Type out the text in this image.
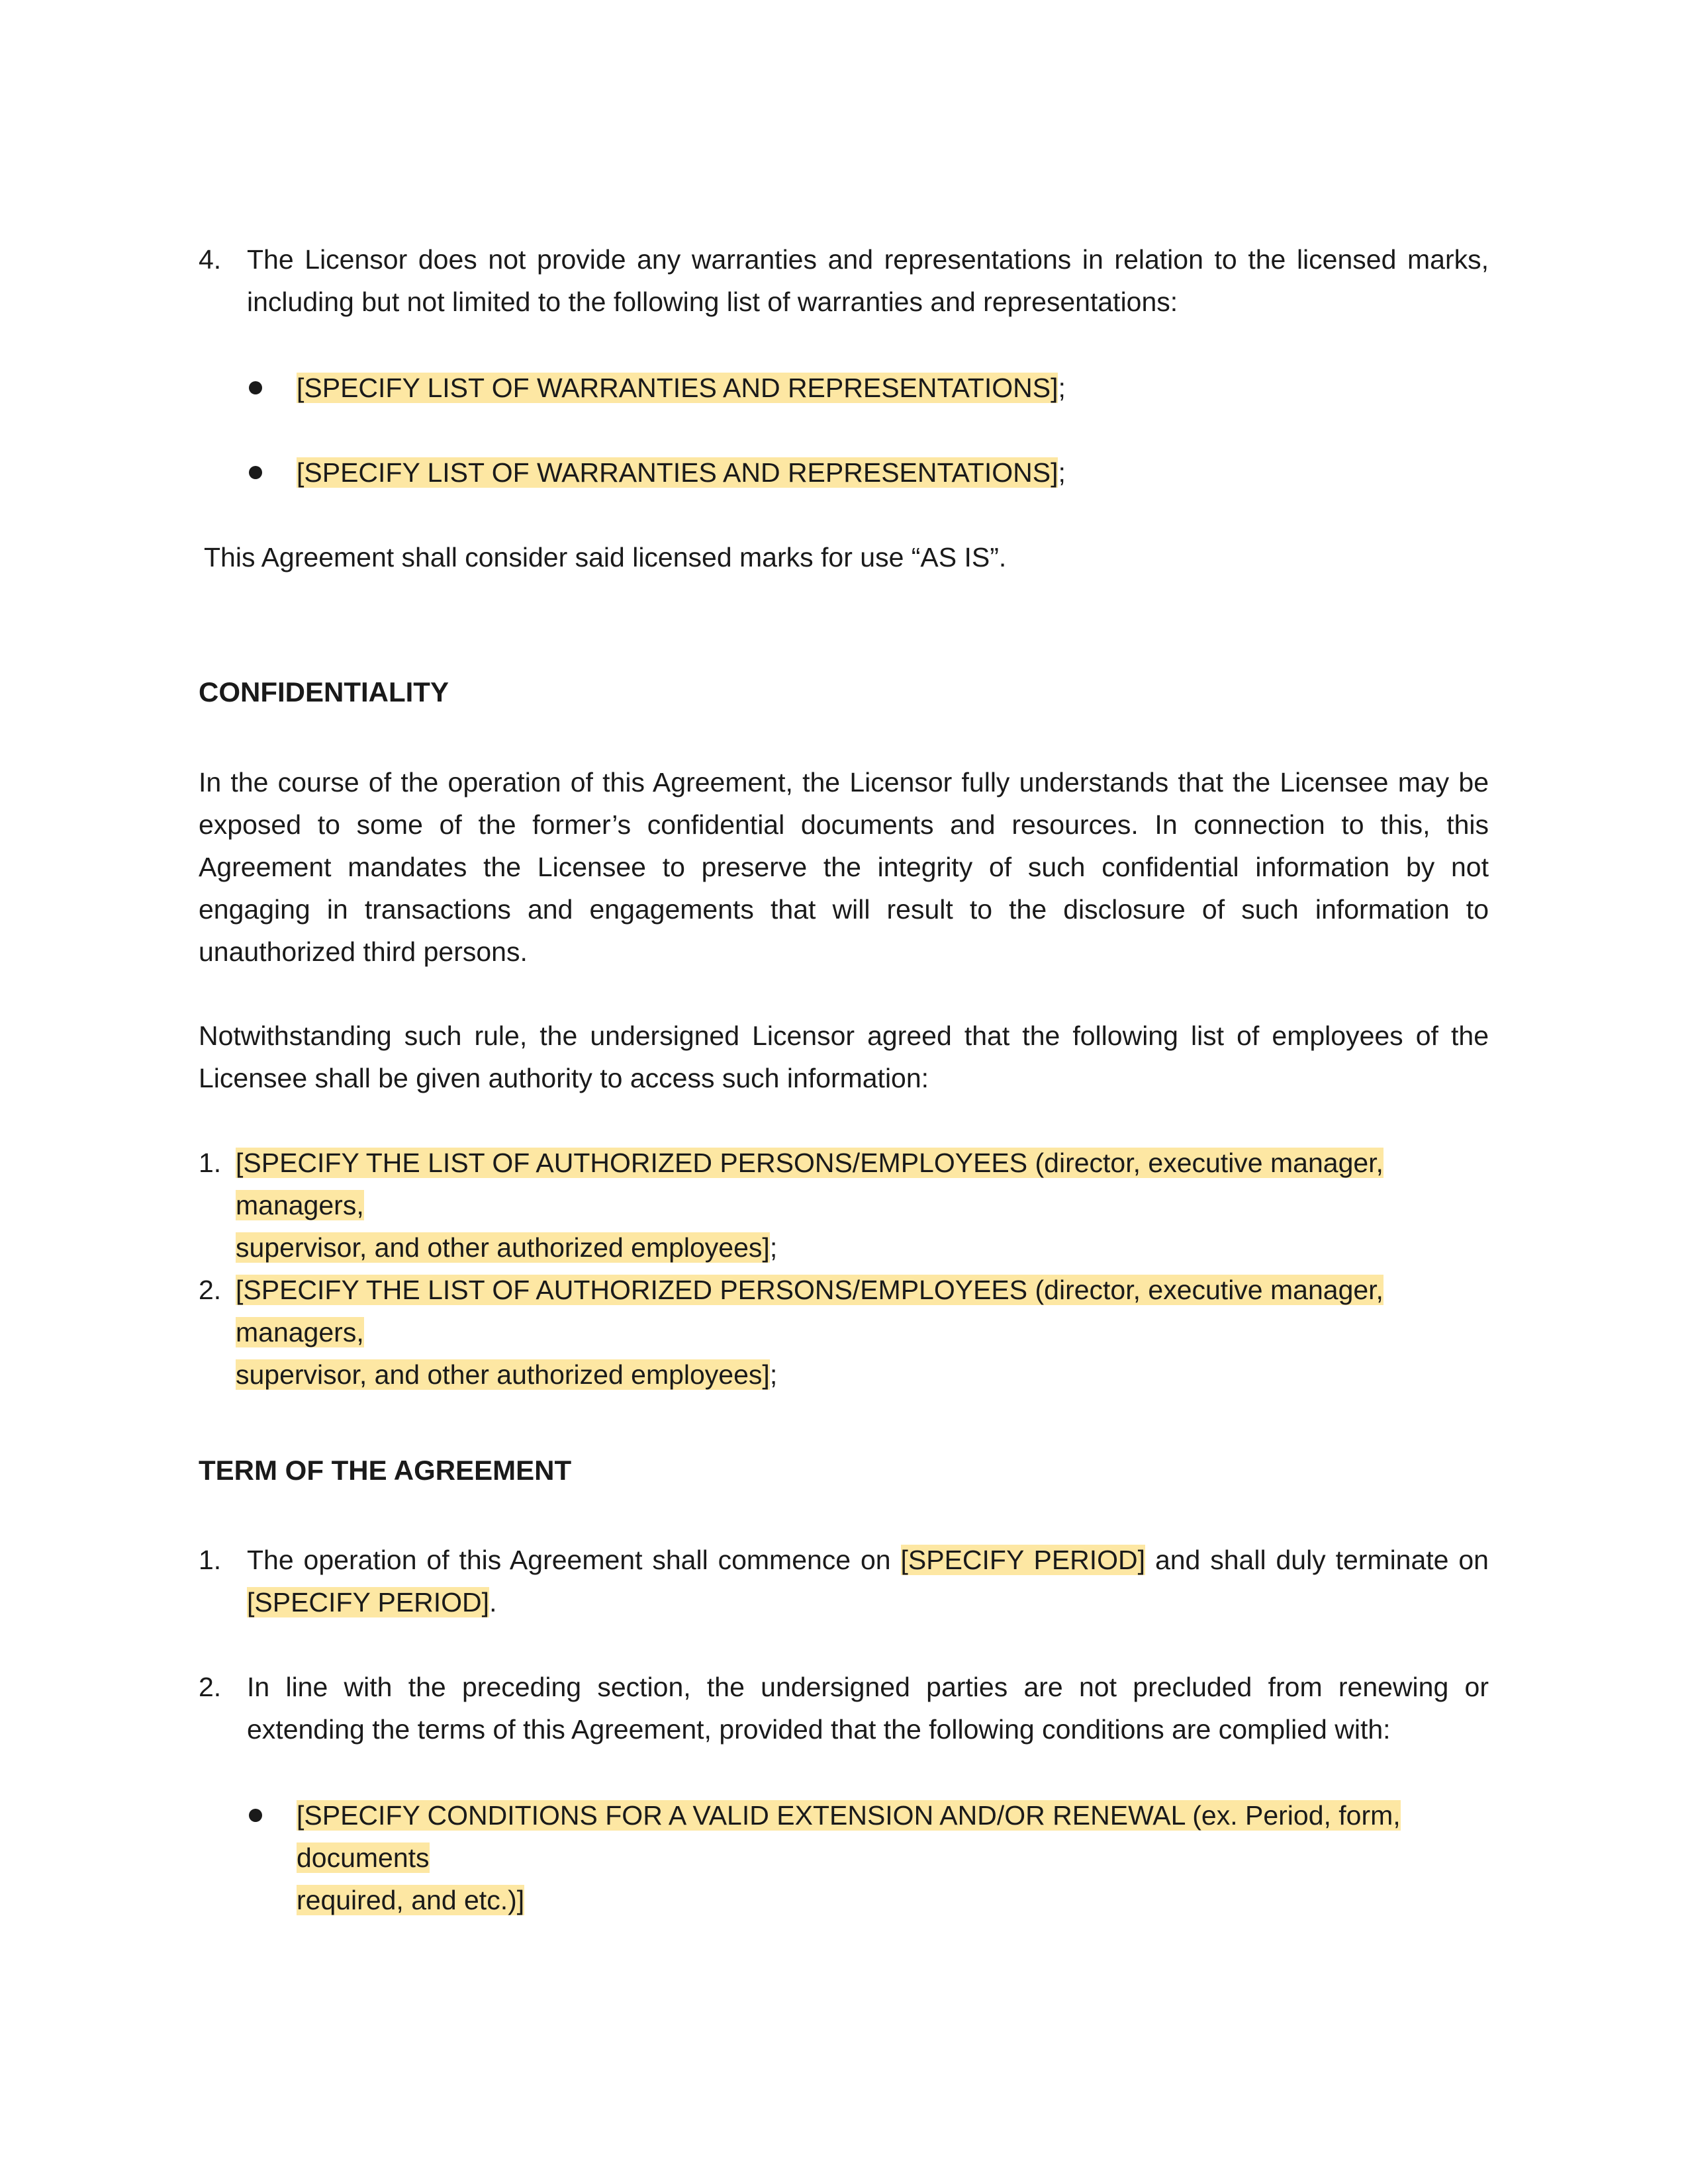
4. The Licensor does not provide any warranties and representations in relation to the licensed marks, including but not limited to the following list of warranties and representations:

[SPECIFY LIST OF WARRANTIES AND REPRESENTATIONS];

[SPECIFY LIST OF WARRANTIES AND REPRESENTATIONS];

This Agreement shall consider said licensed marks for use “AS IS”.

CONFIDENTIALITY

In the course of the operation of this Agreement, the Licensor fully understands that the Licensee may be exposed to some of the former’s confidential documents and resources. In connection to this, this Agreement mandates the Licensee to preserve the integrity of such confidential information by not engaging in transactions and engagements that will result to the disclosure of such information to unauthorized third persons.

Notwithstanding such rule, the undersigned Licensor agreed that the following list of employees of the Licensee shall be given authority to access such information:

1. [SPECIFY THE LIST OF AUTHORIZED PERSONS/EMPLOYEES (director, executive manager, managers,
supervisor, and other authorized employees];

2. [SPECIFY THE LIST OF AUTHORIZED PERSONS/EMPLOYEES (director, executive manager, managers,
supervisor, and other authorized employees];

TERM OF THE AGREEMENT
1. The operation of this Agreement shall commence on [SPECIFY PERIOD] and shall duly terminate on [SPECIFY PERIOD].

2. In line with the preceding section, the undersigned parties are not precluded from renewing or extending the terms of this Agreement, provided that the following conditions are complied with:

[SPECIFY CONDITIONS FOR A VALID EXTENSION AND/OR RENEWAL (ex. Period, form, documents
required, and etc.)]
